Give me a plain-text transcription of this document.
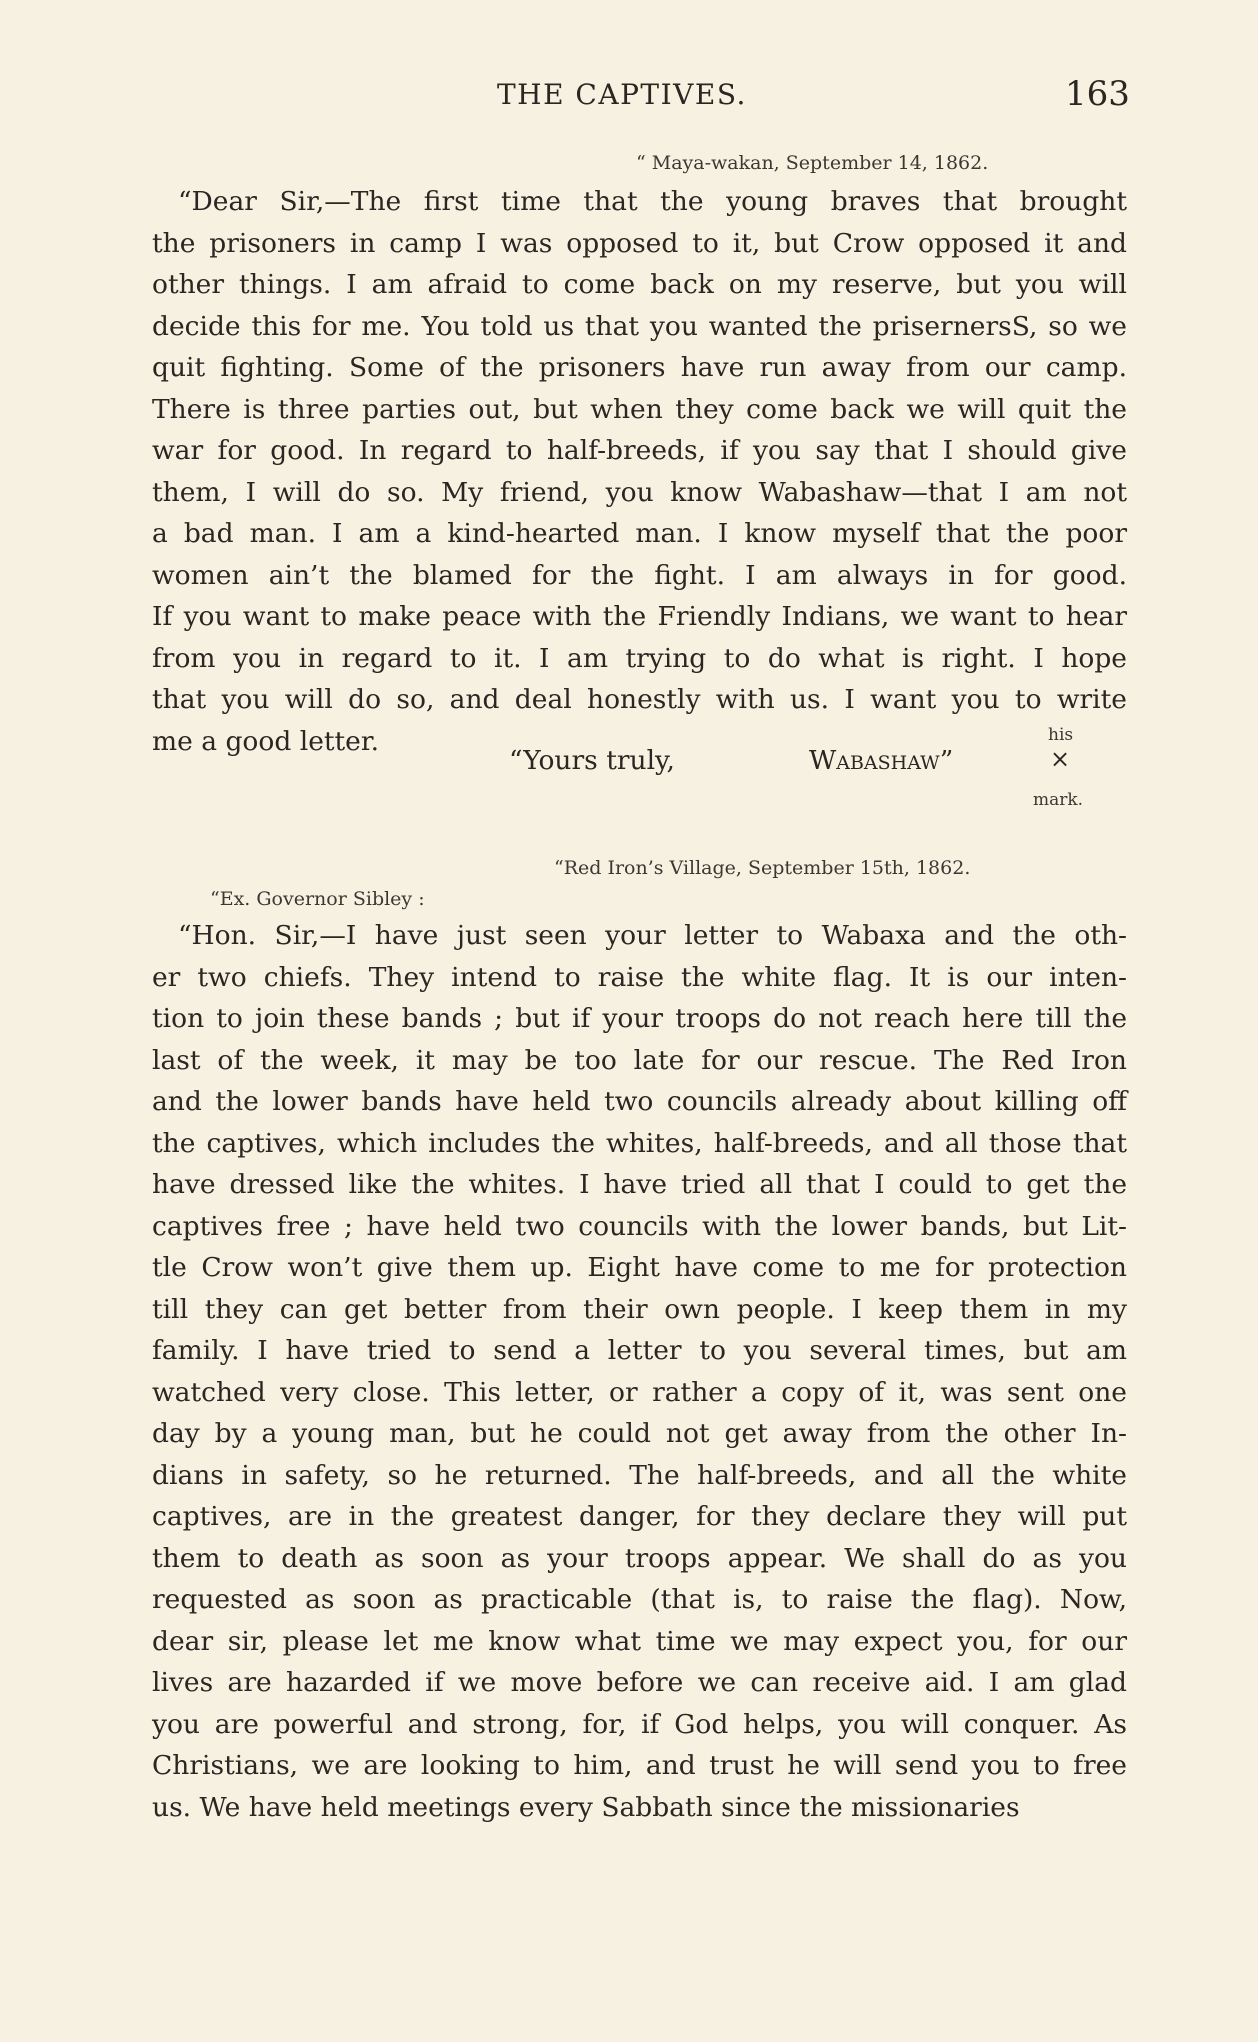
THE CAPTIVES.	163
“ Maya-wakan, September 14, 1862.
“Dear Sir,—The first time that the young braves that brought
the prisoners in camp I was opposed to it, but Crow opposed it and
other things. I am afraid to come back on my reserve, but you will
decide this for me. You told us that you wanted the prisernersS, so we
quit fighting. Some of the prisoners have run away from our camp.
There is three parties out, but when they come back we will quit the
war for good. In regard to half-breeds, if you say that I should give
them, I will do so. My friend, you know Wabashaw—that I am not
a bad man. I am a kind-hearted man. I know myself that the poor
women ain’t the blamed for the fight. I am always in for good.
If you want to make peace with the Friendly Indians, we want to hear
from you in regard to it. I am trying to do what is right. I hope
that you will do so, and deal honestly with us. I want you to write
me a good letter.
“Yours truly,	Wabashaw”
his
×
mark.
“Red Iron’s Village, September 15th, 1862.
“Ex. Governor Sibley :
“Hon. Sir,—I have just seen your letter to Wabaxa and the oth-
er two chiefs. They intend to raise the white flag. It is our inten-
tion to join these bands ; but if your troops do not reach here till the
last of the week, it may be too late for our rescue. The Red Iron
and the lower bands have held two councils already about killing off
the captives, which includes the whites, half-breeds, and all those that
have dressed like the whites. I have tried all that I could to get the
captives free ; have held two councils with the lower bands, but Lit-
tle Crow won’t give them up. Eight have come to me for protection
till they can get better from their own people. I keep them in my
family. I have tried to send a letter to you several times, but am
watched very close. This letter, or rather a copy of it, was sent one
day by a young man, but he could not get away from the other In-
dians in safety, so he returned. The half-breeds, and all the white
captives, are in the greatest danger, for they declare they will put
them to death as soon as your troops appear. We shall do as you
requested as soon as practicable (that is, to raise the flag). Now,
dear sir, please let me know what time we may expect you, for our
lives are hazarded if we move before we can receive aid. I am glad
you are powerful and strong, for, if God helps, you will conquer. As
Christians, we are looking to him, and trust he will send you to free
us. We have held meetings every Sabbath since the missionaries
